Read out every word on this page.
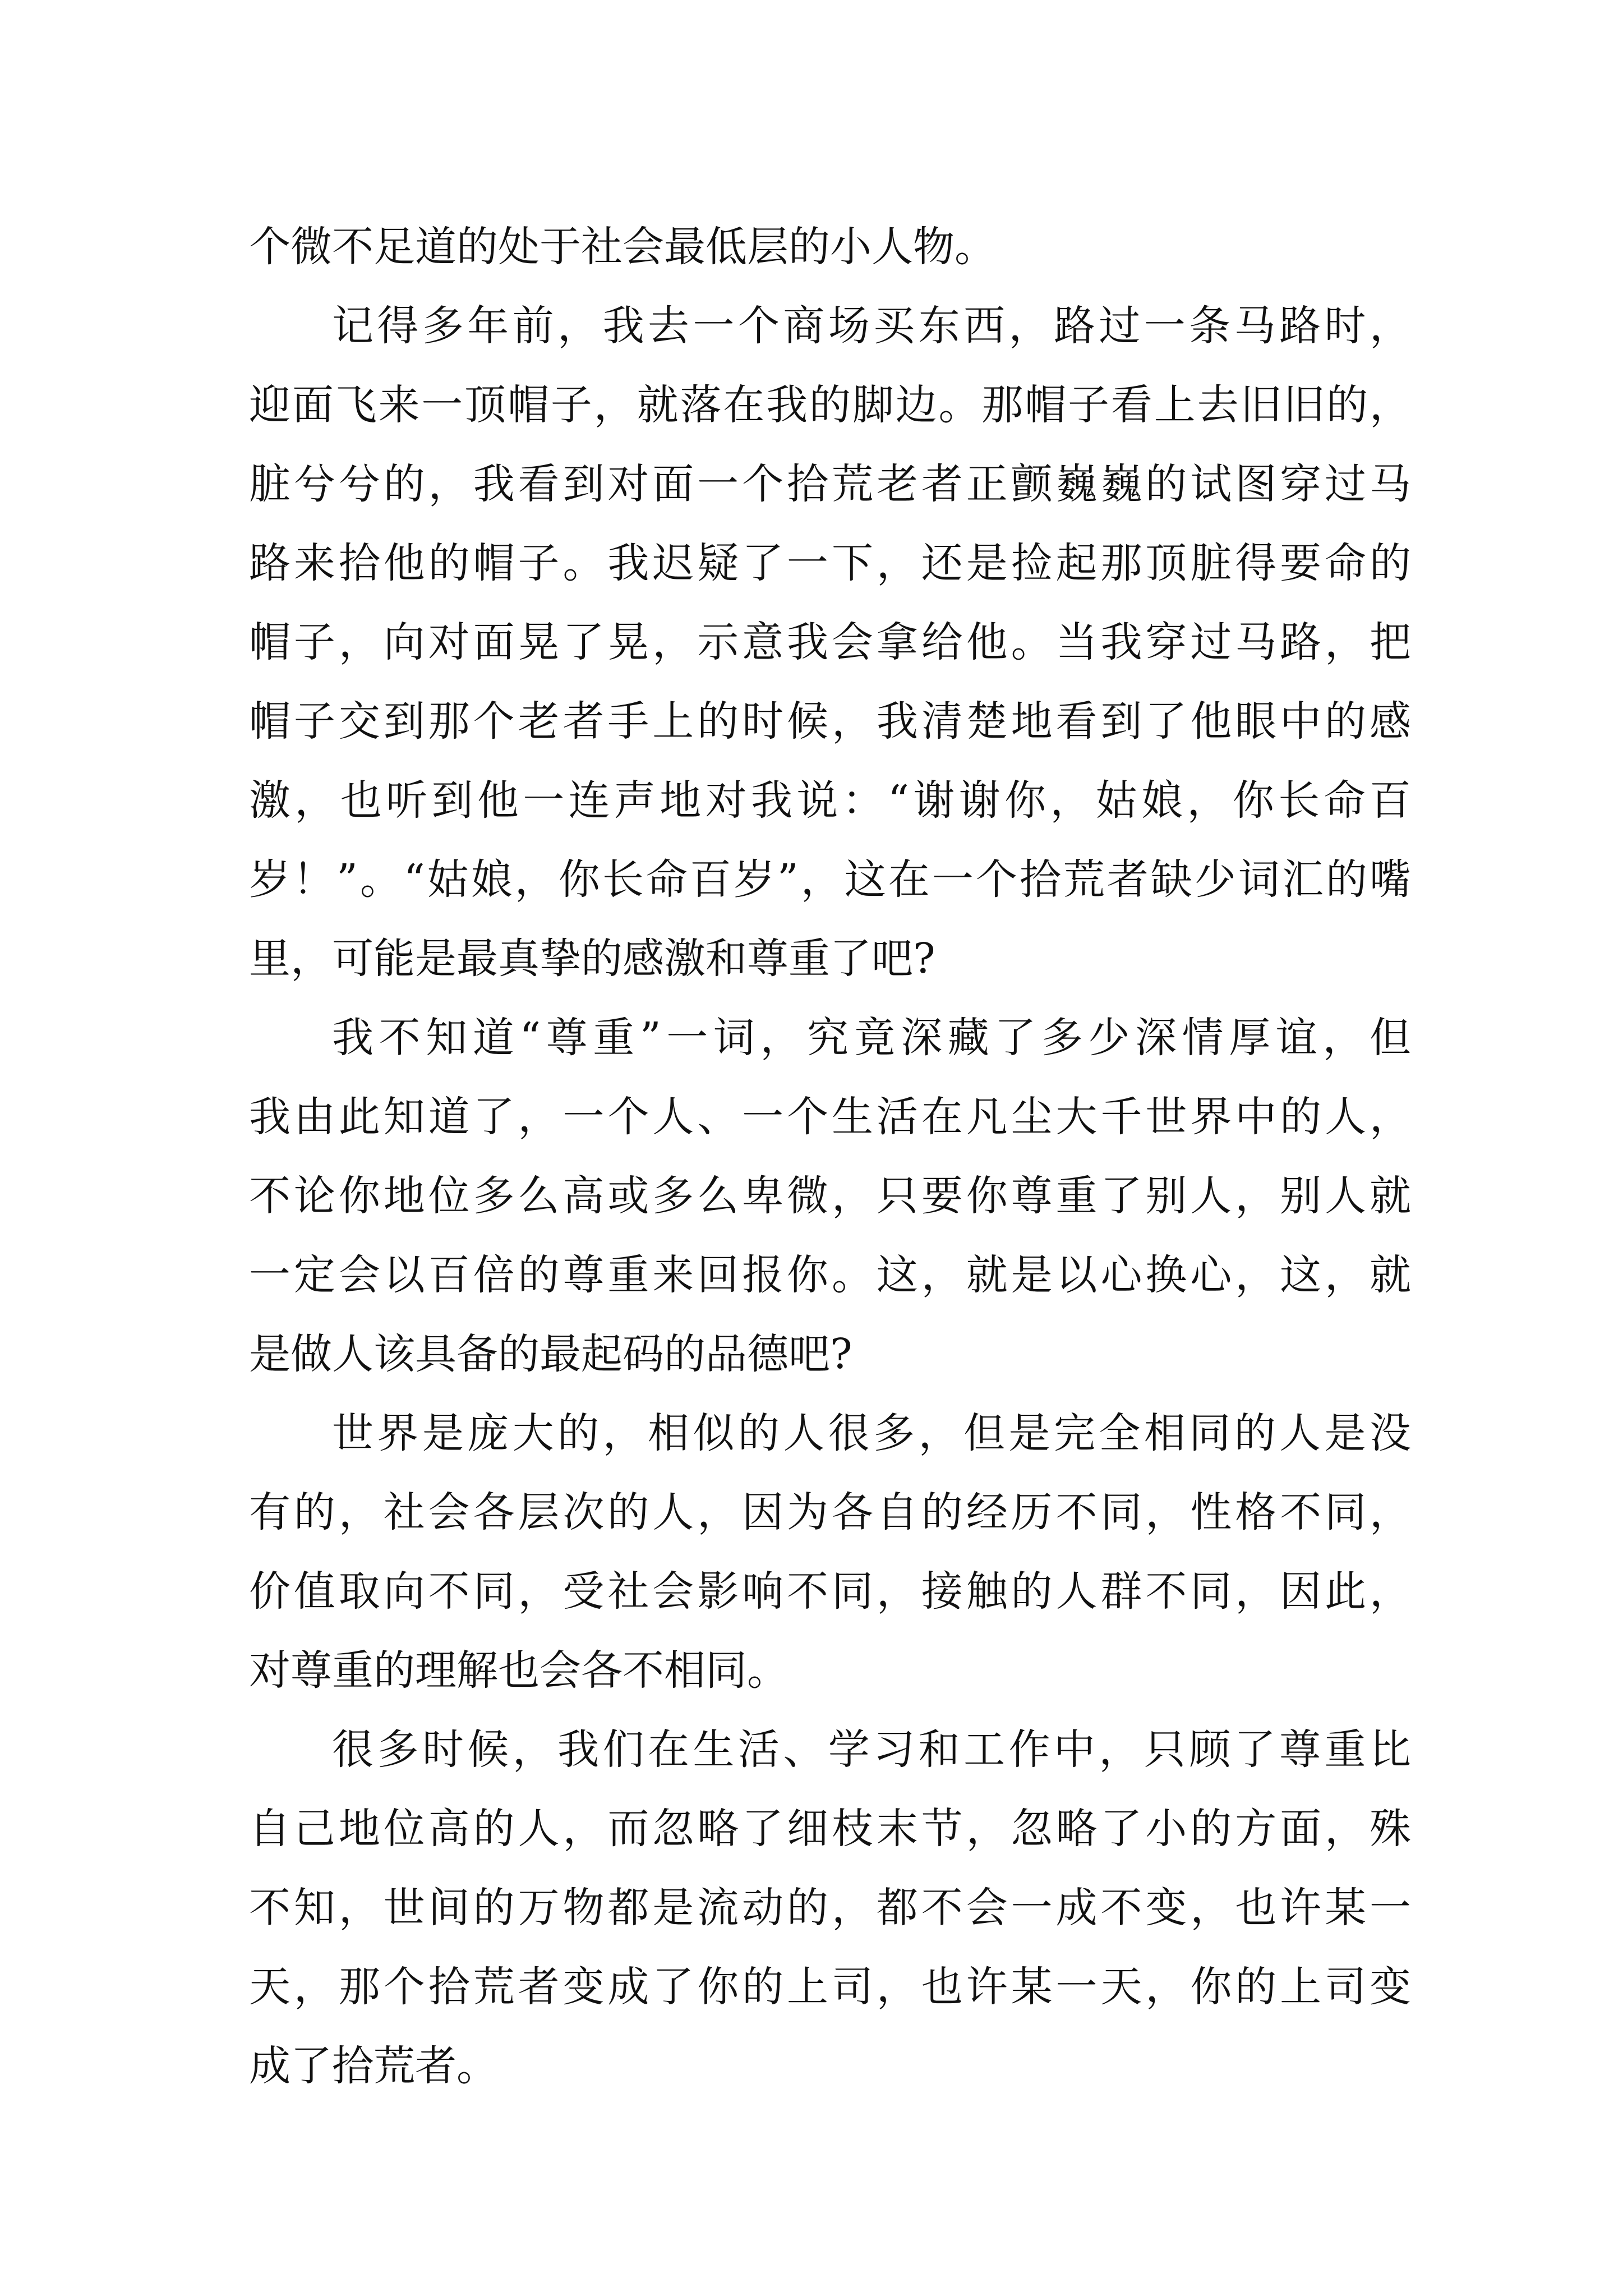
个微不足道的处于社会最低层的小人物。
记得多年前，我去一个商场买东西，路过一条马路时，
迎面飞来一顶帽子，就落在我的脚边。那帽子看上去旧旧的，
脏兮兮的，我看到对面一个拾荒老者正颤巍巍的试图穿过马
路来拾他的帽子。我迟疑了一下，还是捡起那顶脏得要命的
帽子，向对面晃了晃，示意我会拿给他。当我穿过马路，把
帽子交到那个老者手上的时候，我清楚地看到了他眼中的感
激，也听到他一连声地对我说：“谢谢你，姑娘，你长命百
岁！”。“姑娘，你长命百岁”，这在一个拾荒者缺少词汇的嘴
里，可能是最真挚的感激和尊重了吧?
我不知道“尊重”一词，究竟深藏了多少深情厚谊，但
我由此知道了，一个人、一个生活在凡尘大千世界中的人，
不论你地位多么高或多么卑微，只要你尊重了别人，别人就
一定会以百倍的尊重来回报你。这，就是以心换心，这，就
是做人该具备的最起码的品德吧?
世界是庞大的，相似的人很多，但是完全相同的人是没
有的，社会各层次的人，因为各自的经历不同，性格不同，
价值取向不同，受社会影响不同，接触的人群不同，因此，
对尊重的理解也会各不相同。
很多时候，我们在生活、学习和工作中，只顾了尊重比
自己地位高的人，而忽略了细枝末节，忽略了小的方面，殊
不知，世间的万物都是流动的，都不会一成不变，也许某一
天，那个拾荒者变成了你的上司，也许某一天，你的上司变
成了拾荒者。
